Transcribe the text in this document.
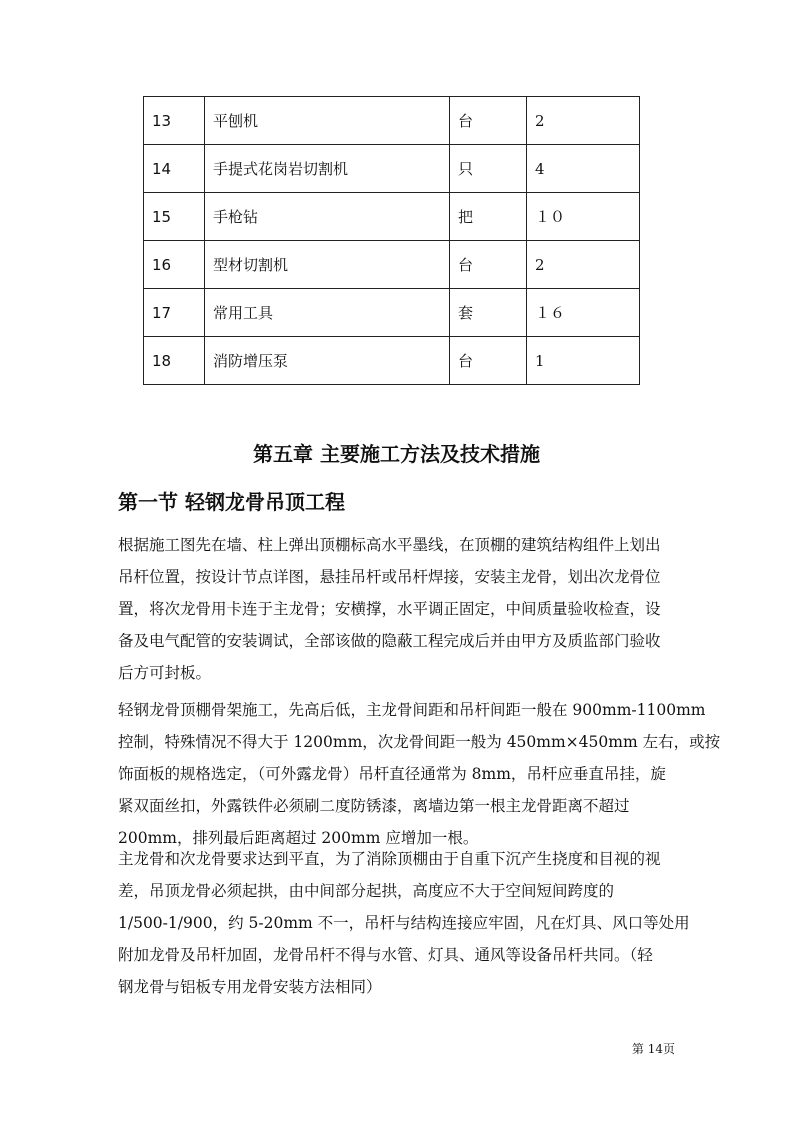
13	平刨机	台	2
14	手提式花岗岩切割机	只	4
15	手枪钻	把	１０
16	型材切割机	台	2
17	常用工具	套	１６
18	消防增压泵	台	1
第五章 主要施工方法及技术措施
第一节 轻钢龙骨吊顶工程
根据施工图先在墙、柱上弹出顶棚标高水平墨线，在顶棚的建筑结构组件上划出
吊杆位置，按设计节点详图，悬挂吊杆或吊杆焊接，安装主龙骨，划出次龙骨位
置，将次龙骨用卡连于主龙骨；安横撑，水平调正固定，中间质量验收检查，设
备及电气配管的安装调试，全部该做的隐蔽工程完成后并由甲方及质监部门验收
后方可封板。
轻钢龙骨顶棚骨架施工，先高后低，主龙骨间距和吊杆间距一般在 900mm-1100mm
控制，特殊情况不得大于 1200mm，次龙骨间距一般为 450mm×450mm 左右，或按
饰面板的规格选定，（可外露龙骨）吊杆直径通常为 8mm，吊杆应垂直吊挂，旋
紧双面丝扣，外露铁件必须刷二度防锈漆，离墙边第一根主龙骨距离不超过
200mm，排列最后距离超过 200mm 应增加一根。
主龙骨和次龙骨要求达到平直，为了消除顶棚由于自重下沉产生挠度和目视的视
差，吊顶龙骨必须起拱，由中间部分起拱，高度应不大于空间短间跨度的
1/500-1/900，约 5-20mm 不一，吊杆与结构连接应牢固，凡在灯具、风口等处用
附加龙骨及吊杆加固，龙骨吊杆不得与水管、灯具、通风等设备吊杆共同。（轻
钢龙骨与铝板专用龙骨安装方法相同）
第 14页
